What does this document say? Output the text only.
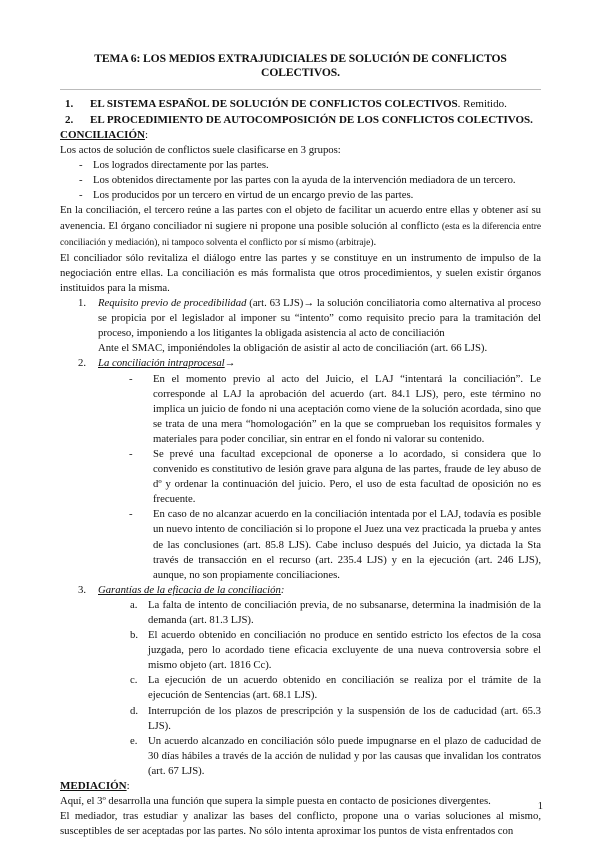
TEMA 6: LOS MEDIOS EXTRAJUDICIALES DE SOLUCIÓN DE CONFLICTOS COLECTIVOS.
1. EL SISTEMA ESPAÑOL DE SOLUCIÓN DE CONFLICTOS COLECTIVOS. Remitido.
2. EL PROCEDIMIENTO DE AUTOCOMPOSICIÓN DE LOS CONFLICTOS COLECTIVOS.

CONCILIACIÓN:

Los actos de solución de conflictos suele clasificarse en 3 grupos:

- Los logrados directamente por las partes.
- Los obtenidos directamente por las partes con la ayuda de la intervención mediadora de un tercero.
- Los producidos por un tercero en virtud de un encargo previo de las partes.

En la conciliación, el tercero reúne a las partes con el objeto de facilitar un acuerdo entre ellas y obtener así su avenencia. El órgano conciliador ni sugiere ni propone una posible solución al conflicto (esta es la diferencia entre conciliación y mediación), ni tampoco solventa el conflicto por sí mismo (arbitraje).

El conciliador sólo revitaliza el diálogo entre las partes y se constituye en un instrumento de impulso de la negociación entre ellas. La conciliación es más formalista que otros procedimientos, y suelen existir órganos instituidos para la misma.

1. Requisito previo de procedibilidad (art. 63 LJS)→ la solución conciliatoria como alternativa al proceso se propicia por el legislador al imponer su “intento” como requisito precio para la tramitación del proceso, imponiendo a los litigantes la obligada asistencia al acto de conciliación
Ante el SMAC, imponiéndoles la obligación de asistir al acto de conciliación (art. 66 LJS).
2. La conciliación intraprocesal→
- En el momento previo al acto del Juicio, el LAJ “intentará la conciliación”. Le corresponde al LAJ la aprobación del acuerdo (art. 84.1 LJS), pero, este término no implica un juicio de fondo ni una aceptación como viene de la solución acordada, sino que se trata de una mera “homologación” en la que se comprueban los requisitos formales y materiales para poder conciliar, sin entrar en el fondo ni valorar su contenido.
- Se prevé una facultad excepcional de oponerse a lo acordado, si considera que lo convenido es constitutivo de lesión grave para alguna de las partes, fraude de ley abuso de dº y ordenar la continuación del juicio. Pero, el uso de esta facultad de oposición no es frecuente.
- En caso de no alcanzar acuerdo en la conciliación intentada por el LAJ, todavía es posible un nuevo intento de conciliación si lo propone el Juez una vez practicada la prueba y antes de las conclusiones (art. 85.8 LJS). Cabe incluso después del Juicio, ya dictada la Sta través de transacción en el recurso (art. 235.4 LJS) y en la ejecución (art. 246 LJS), aunque, no son propiamente conciliaciones.
3. Garantías de la eficacia de la conciliación:
a. La falta de intento de conciliación previa, de no subsanarse, determina la inadmisión de la demanda (art. 81.3 LJS).
b. El acuerdo obtenido en conciliación no produce en sentido estricto los efectos de la cosa juzgada, pero lo acordado tiene eficacia excluyente de una nueva controversia sobre el mismo objeto (art. 1816 Cc).
c. La ejecución de un acuerdo obtenido en conciliación se realiza por el trámite de la ejecución de Sentencias (art. 68.1 LJS).
d. Interrupción de los plazos de prescripción y la suspensión de los de caducidad (art. 65.3 LJS).
e. Un acuerdo alcanzado en conciliación sólo puede impugnarse en el plazo de caducidad de 30 días hábiles a través de la acción de nulidad y por las causas que invalidan los contratos (art. 67 LJS).

MEDIACIÓN:

Aquí, el 3º desarrolla una función que supera la simple puesta en contacto de posiciones divergentes.

El mediador, tras estudiar y analizar las bases del conflicto, propone una o varias soluciones al mismo, susceptibles de ser aceptadas por las partes. No sólo intenta aproximar los puntos de vista enfrentados con

1
